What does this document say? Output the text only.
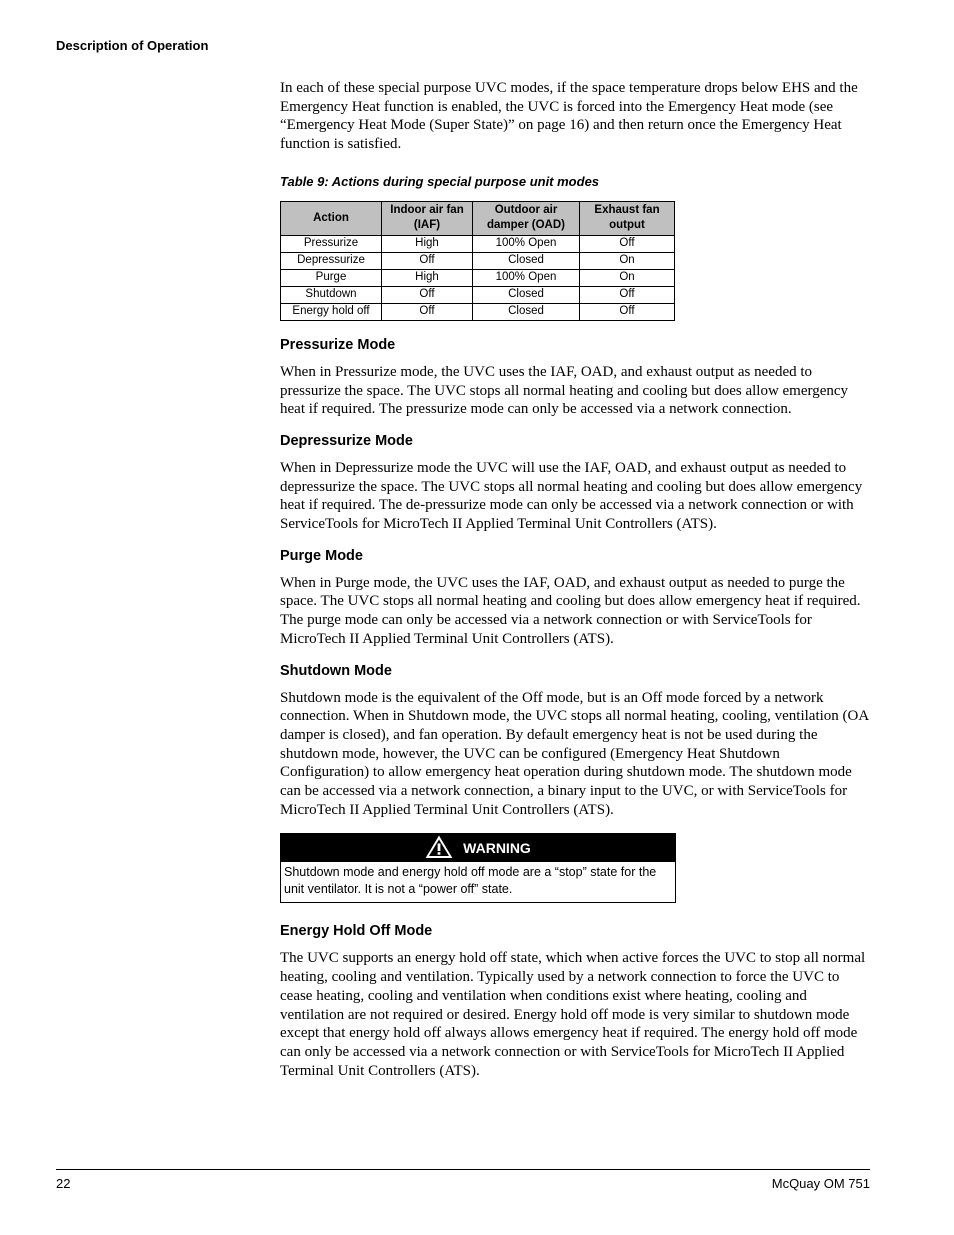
Description of Operation

In each of these special purpose UVC modes, if the space temperature drops below EHS and the Emergency Heat function is enabled, the UVC is forced into the Emergency Heat mode (see “Emergency Heat Mode (Super State)” on page 16) and then return once the Emergency Heat function is satisfied.

Table 9: Actions during special purpose unit modes
Action	Indoor air fan (IAF)	Outdoor air damper (OAD)	Exhaust fan output
Pressurize	High	100% Open	Off
Depressurize	Off	Closed	On
Purge	High	100% Open	On
Shutdown	Off	Closed	Off
Energy hold off	Off	Closed	Off
Pressurize Mode

When in Pressurize mode, the UVC uses the IAF, OAD, and exhaust output as needed to pressurize the space. The UVC stops all normal heating and cooling but does allow emergency heat if required. The pressurize mode can only be accessed via a network connection.

Depressurize Mode

When in Depressurize mode the UVC will use the IAF, OAD, and exhaust output as needed to depressurize the space. The UVC stops all normal heating and cooling but does allow emergency heat if required. The de-pressurize mode can only be accessed via a network connection or with ServiceTools for MicroTech II Applied Terminal Unit Controllers (ATS).

Purge Mode

When in Purge mode, the UVC uses the IAF, OAD, and exhaust output as needed to purge the space. The UVC stops all normal heating and cooling but does allow emergency heat if required. The purge mode can only be accessed via a network connection or with ServiceTools for MicroTech II Applied Terminal Unit Controllers (ATS).

Shutdown Mode

Shutdown mode is the equivalent of the Off mode, but is an Off mode forced by a network connection. When in Shutdown mode, the UVC stops all normal heating, cooling, ventilation (OA damper is closed), and fan operation. By default emergency heat is not be used during the shutdown mode, however, the UVC can be configured (Emergency Heat Shutdown Configuration) to allow emergency heat operation during shutdown mode. The shutdown mode can be accessed via a network connection, a binary input to the UVC, or with ServiceTools for MicroTech II Applied Terminal Unit Controllers (ATS).

WARNING
Shutdown mode and energy hold off mode are a “stop” state for the unit ventilator. It is not a “power off” state.
Energy Hold Off Mode

The UVC supports an energy hold off state, which when active forces the UVC to stop all normal heating, cooling and ventilation. Typically used by a network connection to force the UVC to cease heating, cooling and ventilation when conditions exist where heating, cooling and ventilation are not required or desired. Energy hold off mode is very similar to shutdown mode except that energy hold off always allows emergency heat if required. The energy hold off mode can only be accessed via a network connection or with ServiceTools for MicroTech II Applied Terminal Unit Controllers (ATS).

22	McQuay OM 751
